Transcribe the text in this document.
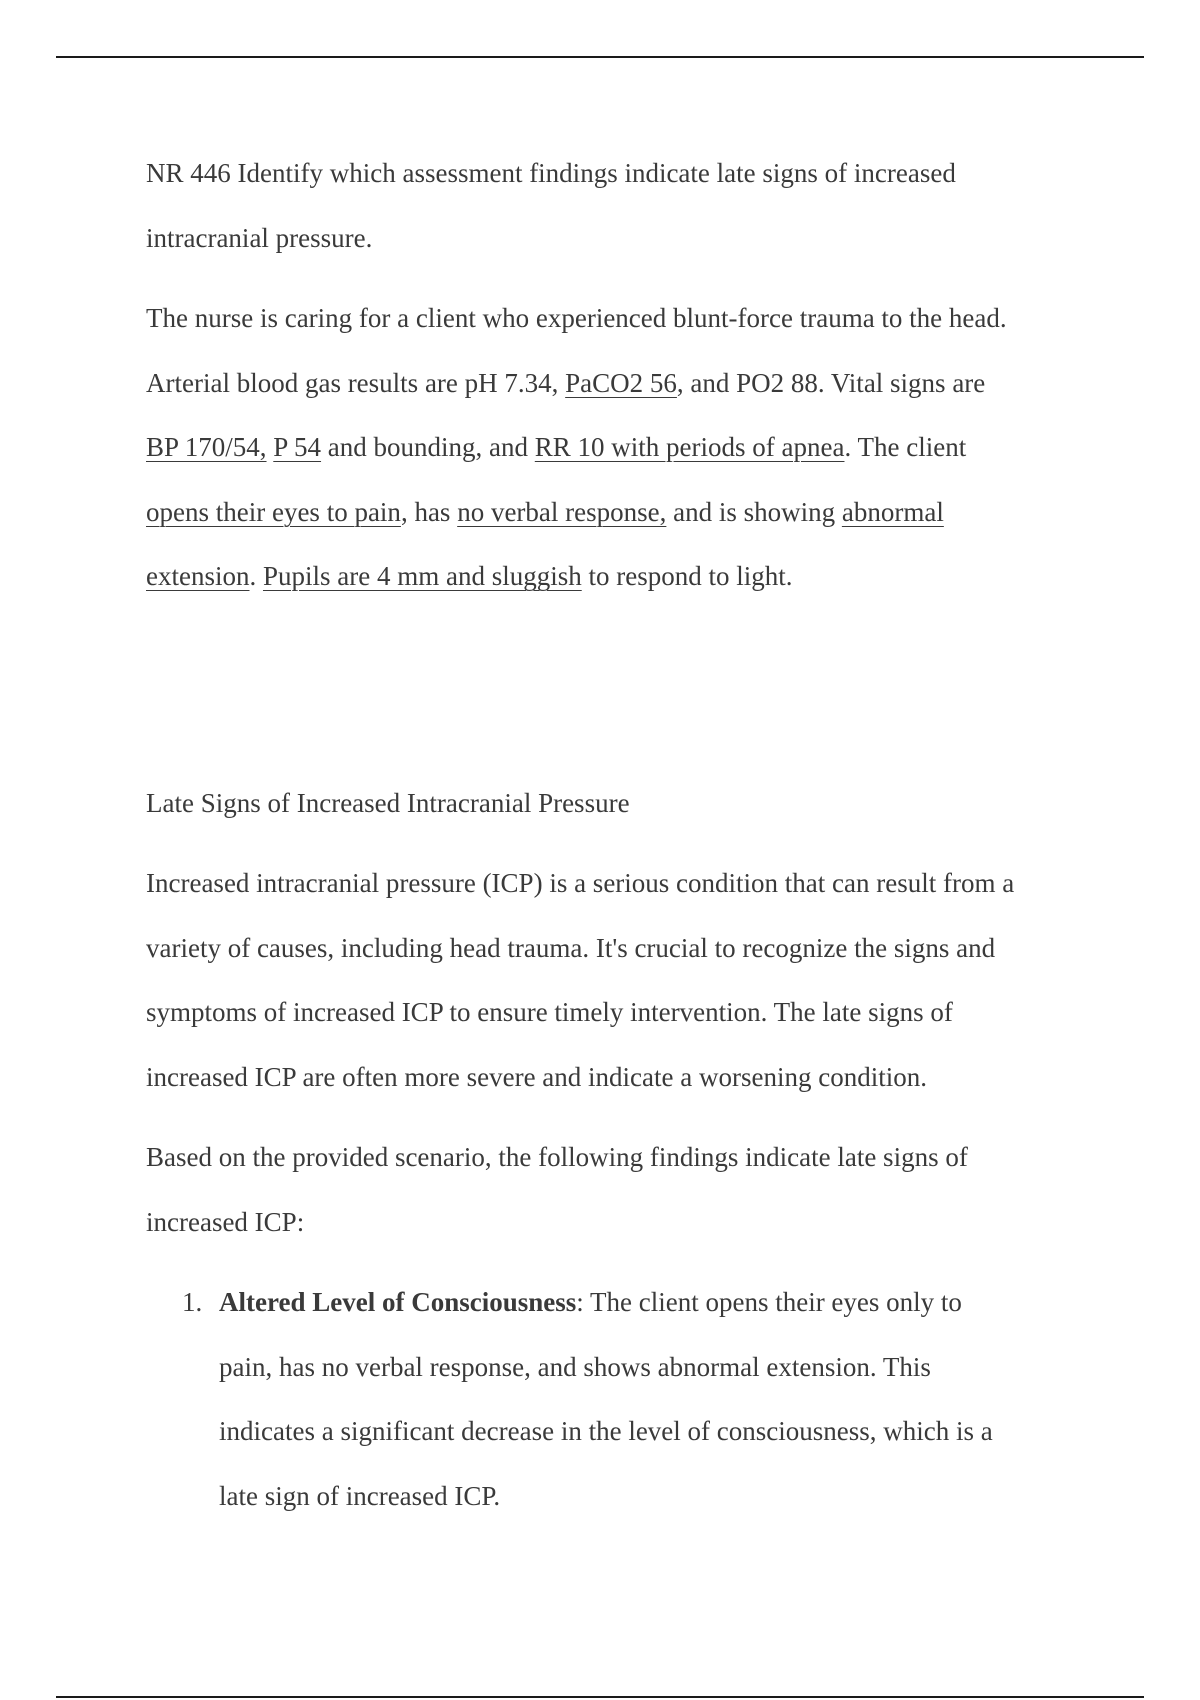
NR 446 Identify which assessment findings indicate late signs of increased
intracranial pressure.
The nurse is caring for a client who experienced blunt-force trauma to the head.
Arterial blood gas results are pH 7.34, PaCO2 56, and PO2 88. Vital signs are
BP 170/54, P 54 and bounding, and RR 10 with periods of apnea. The client
opens their eyes to pain, has no verbal response, and is showing abnormal
extension. Pupils are 4 mm and sluggish to respond to light.
Late Signs of Increased Intracranial Pressure
Increased intracranial pressure (ICP) is a serious condition that can result from a
variety of causes, including head trauma. It's crucial to recognize the signs and
symptoms of increased ICP to ensure timely intervention. The late signs of
increased ICP are often more severe and indicate a worsening condition.
Based on the provided scenario, the following findings indicate late signs of
increased ICP:
1. Altered Level of Consciousness: The client opens their eyes only to
pain, has no verbal response, and shows abnormal extension. This
indicates a significant decrease in the level of consciousness, which is a
late sign of increased ICP.
